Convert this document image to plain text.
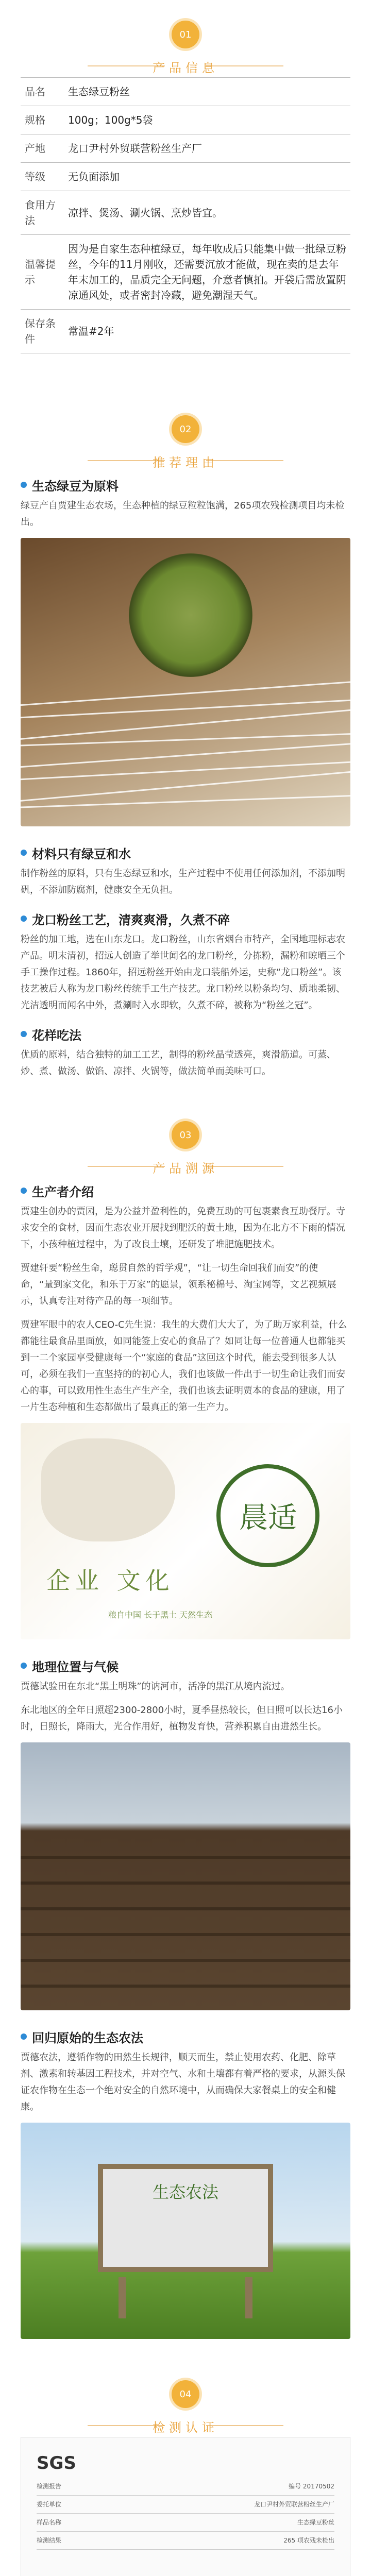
01
产品信息
品名	生态绿豆粉丝
规格	100g；100g*5袋
产地	龙口尹村外贸联营粉丝生产厂
等级	无负面添加
食用方法	凉拌、煲汤、涮火锅、烹炒皆宜。
温馨提示	因为是自家生态种植绿豆，每年收成后只能集中做一批绿豆粉丝，今年的11月刚收，还需要沉放才能做，现在卖的是去年年末加工的，品质完全无问题，介意者慎拍。开袋后需放置阴凉通风处，或者密封冷藏，避免潮湿天气。
保存条件	常温#2年
02
推荐理由
生态绿豆为原料
绿豆产自贾建生态农场，生态种植的绿豆粒粒饱满，265项农残检测项目均未检出。
材料只有绿豆和水
制作粉丝的原料，只有生态绿豆和水，生产过程中不使用任何添加剂，不添加明矾，不添加防腐剂，健康安全无负担。
龙口粉丝工艺，清爽爽滑，久煮不碎
粉丝的加工地，选在山东龙口。龙口粉丝，山东省烟台市特产，全国地理标志农产品。明末清初，招远人创造了举世闻名的龙口粉丝，分拣粉，漏粉和晾晒三个手工操作过程。1860年，招远粉丝开始由龙口装船外运，史称“龙口粉丝”。该技艺被后人称为龙口粉丝传统手工生产技艺。龙口粉丝以粉条均匀、质地柔韧、光洁透明而闻名中外，煮涮时入水即软，久煮不碎，被称为“粉丝之冠”。
花样吃法
优质的原料，结合独特的加工工艺，制得的粉丝晶莹透亮，爽滑筋道。可蒸、炒、煮、做汤、做馅、凉拌、火锅等，做法简单而美味可口。
03
产品溯源
生产者介绍
贾建生创办的贾园，是为公益并盈利性的，免费互助的可包裹素食互助餐厅。寺求安全的食材，因而生态农业开展找到肥沃的黄土地，因为在北方不下雨的情况下，小孩种植过程中，为了改良土壤，还研发了堆肥施肥技术。
贾建轩要“粉丝生命，聪贯自然的哲学观”，“让一切生命回我们而安”的使命，“量到家文化，和乐于万家”的愿景，领系秘棉号、淘宝网等，文艺视频展示，认真专注对待产品的每一项细节。
贾建军眼中的农人CEO-C先生说：我生的大费们大大了，为了助万家利益，什么都能往最食品里面放，如同能签上安心的食品了？如同让每一位普通人也都能买到一二个家园享受健康每一个“家庭的食品”这回这个时代，能去受到很多人认可，必须在我们一直坚持的的初心人，我们也该做一件出于一切生命让我们而安心的事，可以致用性生态生产生产全，我们也该去证明贾本的食品的建康，用了一片生态种植和生态都做出了最真正的第一生产力。
晨适
企业 文化
粮自中国 长于黑土 天然生态
地理位置与气候
贾德试验田在东北“黑土明珠”的讷河市，活净的黑江从境内流过。
东北地区的全年日照超2300-2800小时，夏季昼热较长，但日照可以长达16小时，日照长，降雨大，光合作用好，植物发育快，营养积累自由进然生长。
回归原始的生态农法
贾德农法，遵循作物的田然生长规律，顺天而生，禁止使用农药、化肥、除草剂、激素和转基因工程技术，并对空气、水和土壤都有着严格的要求，从源头保证农作物在生态一个绝对安全的自然环境中，从而确保大家餐桌上的安全和健康。
生态农法
04
检测认证
SGS
检测报告	编号 20170502
委托单位	龙口尹村外贸联营粉丝生产厂
样品名称	生态绿豆粉丝
检测结果	265 项农残未检出
